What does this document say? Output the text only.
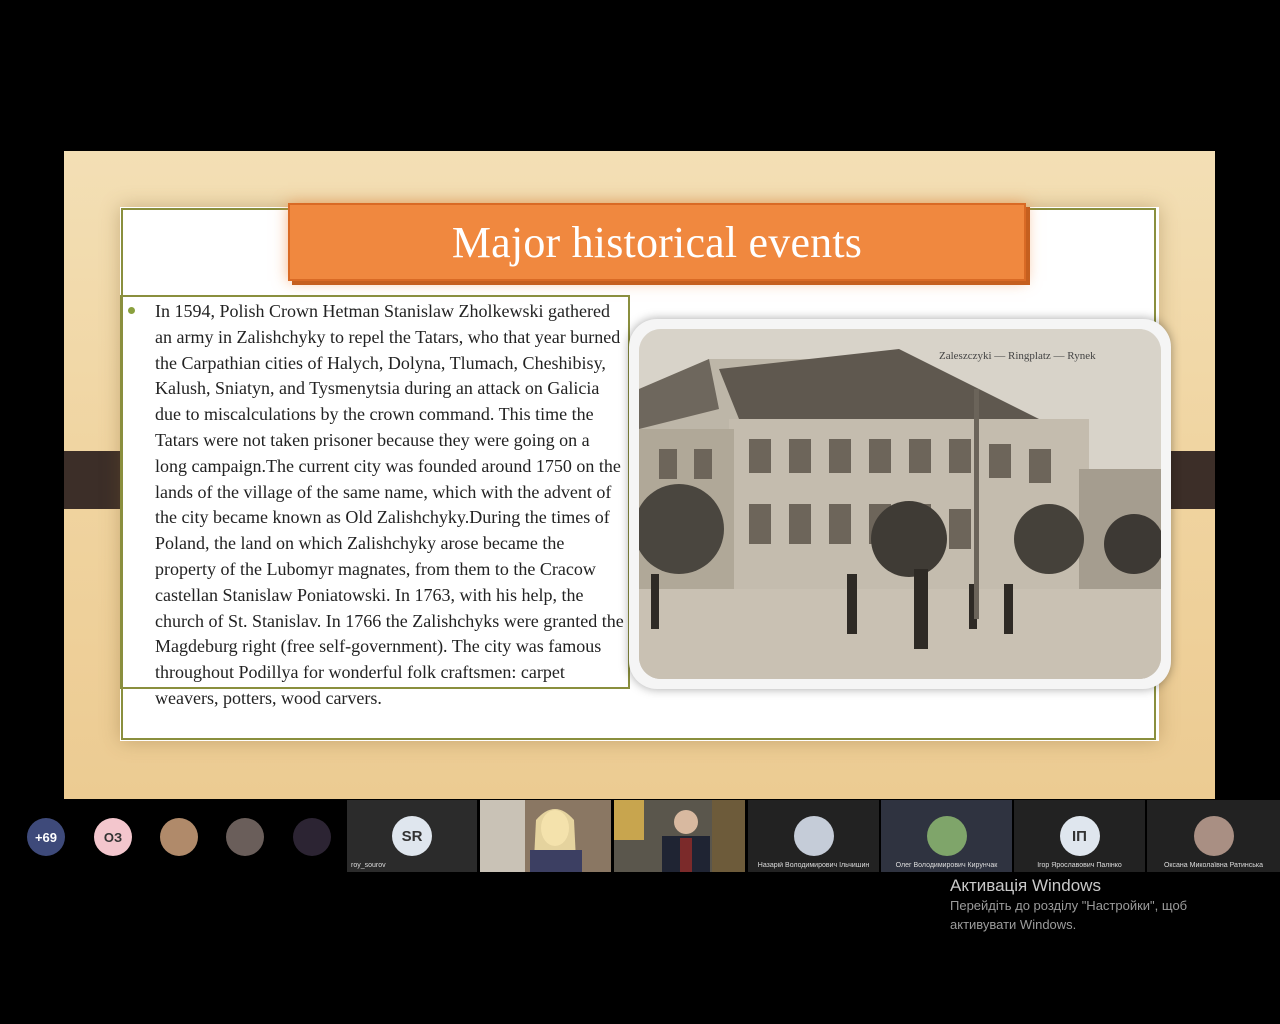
Major historical events

In 1594, Polish Crown Hetman Stanislaw Zholkewski gathered an army in Zalishchyky to repel the Tatars, who that year burned the Carpathian cities of Halych, Dolyna, Tlumach, Cheshibisy, Kalush, Sniatyn, and Tysmenytsia during an attack on Galicia due to miscalculations by the crown command. This time the Tatars were not taken prisoner because they were going on a long campaign.The current city was founded around 1750 on the lands of the village of the same name, which with the advent of the city became known as Old Zalishchyky.During the times of Poland, the land on which Zalishchyky arose became the property of the Lubomyr magnates, from them to the Cracow castellan Stanislaw Poniatowski. In 1763, with his help, the church of St. Stanislav. In 1766 the Zalishchyks were granted the Magdeburg right (free self-government). The city was famous throughout Podillya for wonderful folk craftsmen: carpet weavers, potters, wood carvers.

Zaleszczyki — Ringplatz — Rynek
+69	ОЗ	SR
roy_sourov	Назарій Володимирович Ільчишин	Олег Володимирович Кирунчак
ІП
Ігор Ярославович Палінко	Оксана Миколаївна Ратинська
Активація Windows
Перейдіть до розділу "Настройки", щоб
активувати Windows.
